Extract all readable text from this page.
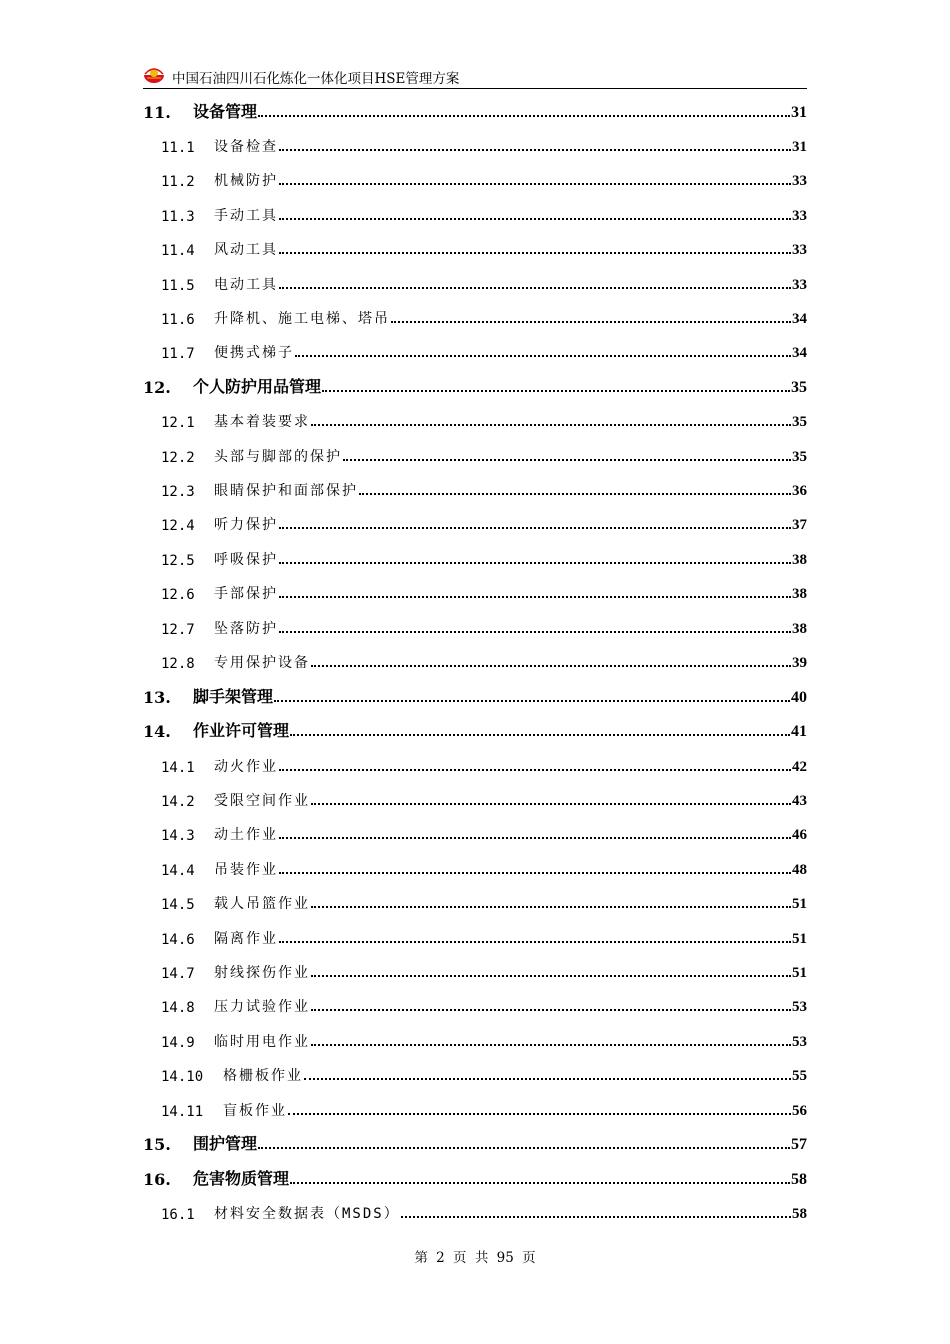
中国石油四川石化炼化一体化项目HSE管理方案
11.	设备管理	31
11.1	设备检查	31
11.2	机械防护	33
11.3	手动工具	33
11.4	风动工具	33
11.5	电动工具	33
11.6	升降机、施工电梯、塔吊	34
11.7	便携式梯子	34
12.	个人防护用品管理	35
12.1	基本着装要求	35
12.2	头部与脚部的保护	35
12.3	眼睛保护和面部保护	36
12.4	听力保护	37
12.5	呼吸保护	38
12.6	手部保护	38
12.7	坠落防护	38
12.8	专用保护设备	39
13.	脚手架管理	40
14.	作业许可管理	41
14.1	动火作业	42
14.2	受限空间作业	43
14.3	动土作业	46
14.4	吊装作业	48
14.5	载人吊篮作业	51
14.6	隔离作业	51
14.7	射线探伤作业	51
14.8	压力试验作业	53
14.9	临时用电作业	53
14.10	格栅板作业	55
14.11	盲板作业	56
15.	围护管理	57
16.	危害物质管理	58
16.1	材料安全数据表（MSDS）	58
第 2 页 共 95 页
